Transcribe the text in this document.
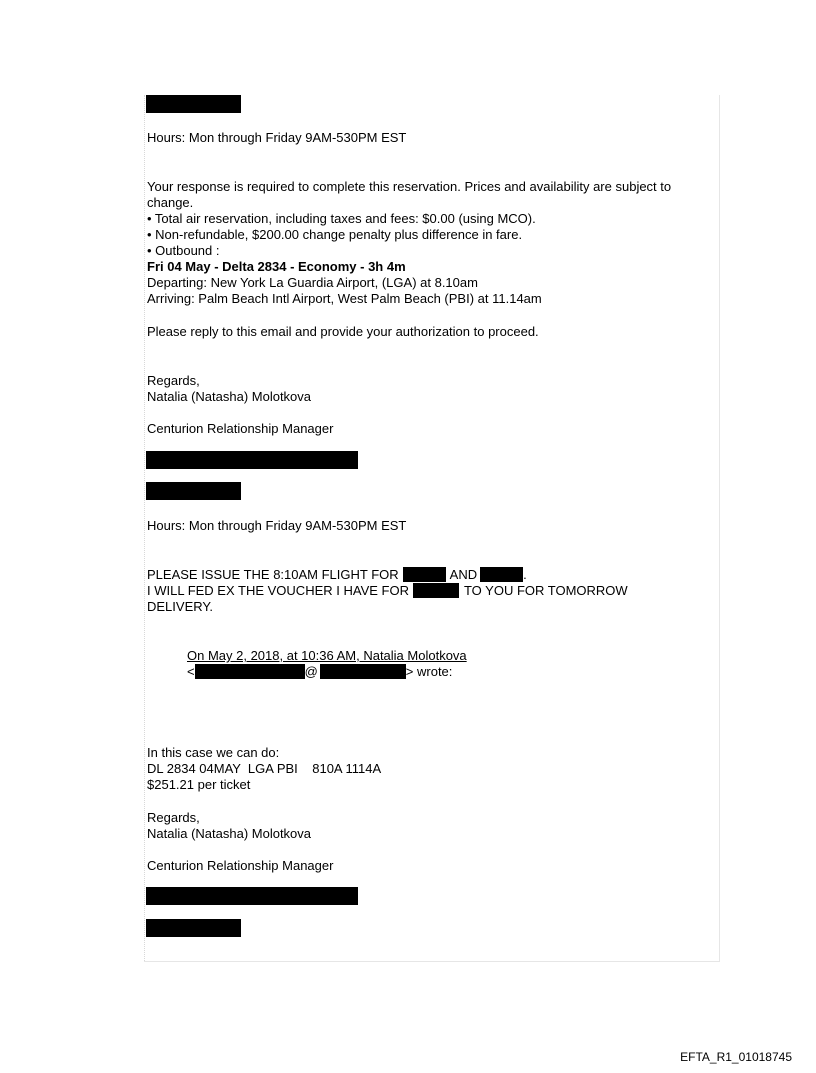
Hours: Mon through Friday 9AM-530PM EST
Your response is required to complete this reservation. Prices and availability are subject to
change.
• Total air reservation, including taxes and fees: $0.00 (using MCO).
• Non-refundable, $200.00 change penalty plus difference in fare.
• Outbound :
Fri 04 May - Delta 2834 - Economy - 3h 4m
Departing: New York La Guardia Airport, (LGA) at 8.10am
Arriving: Palm Beach Intl Airport, West Palm Beach (PBI) at 11.14am
Please reply to this email and provide your authorization to proceed.
Regards,
Natalia (Natasha) Molotkova
Centurion Relationship Manager
Hours: Mon through Friday 9AM-530PM EST
PLEASE ISSUE THE 8:10AM FLIGHT FOR	AND	.
I WILL FED EX THE VOUCHER I HAVE FOR	TO YOU FOR TOMORROW
DELIVERY.
On May 2, 2018, at 10:36 AM, Natalia Molotkova
<	@	> wrote:
In this case we can do:
DL 2834 04MAY  LGA PBI    810A 1114A
$251.21 per ticket
Regards,
Natalia (Natasha) Molotkova
Centurion Relationship Manager
EFTA_R1_01018745
